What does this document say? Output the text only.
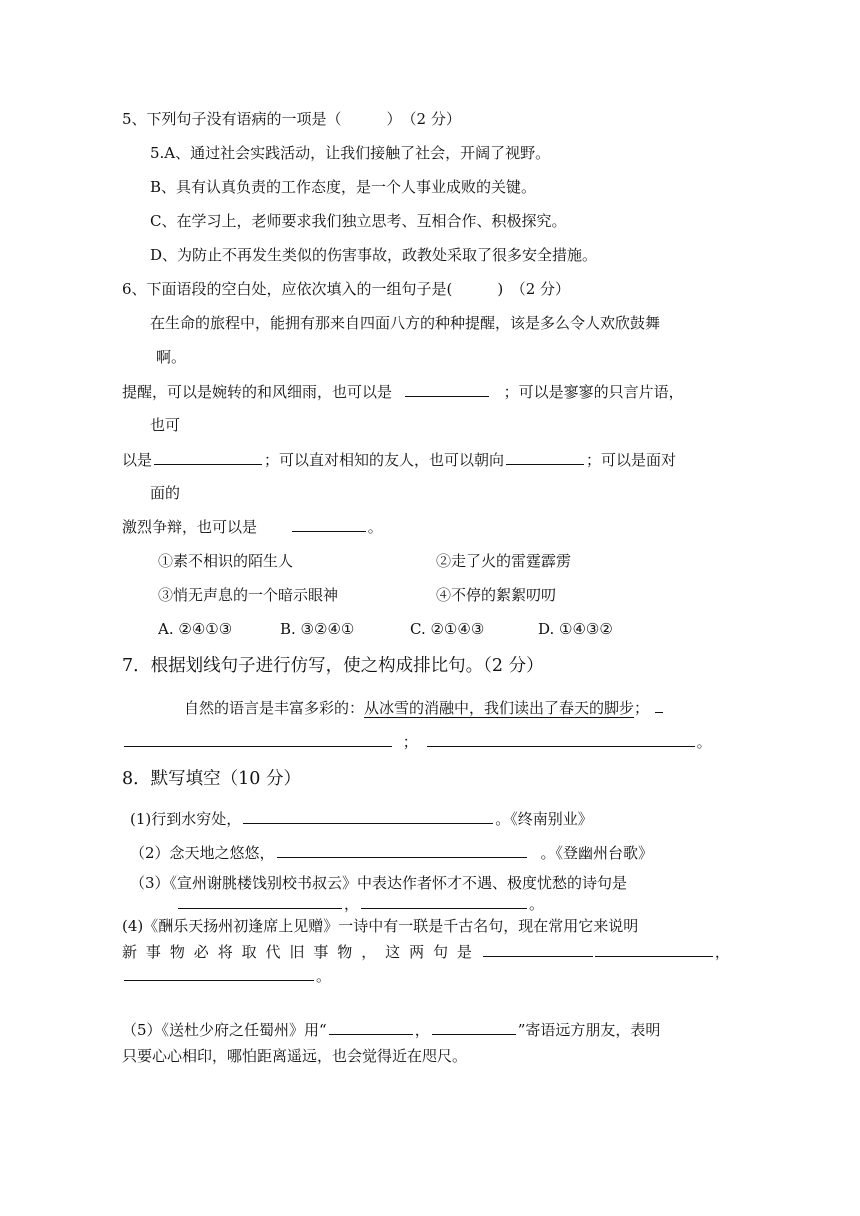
5、下列句子没有语病的一项是（　　　）　（2 分）
5.A、通过社会实践活动，让我们接触了社会，开阔了视野。
B、具有认真负责的工作态度，是一个人事业成败的关键。
C、在学习上，老师要求我们独立思考、互相合作、积极探究。
D、为防止不再发生类似的伤害事故，政教处采取了很多安全措施。
6、下面语段的空白处，应依次填入的一组句子是(　　　)　（2 分）
在生命的旅程中，能拥有那来自四面八方的种种提醒，该是多么令人欢欣鼓舞
啊。
提醒，可以是婉转的和风细雨，也可以是	；可以是寥寥的只言片语，
也可
以是	；可以直对相知的友人，也可以朝向	；可以是面对
面的
激烈争辩，也可以是	。
①素不相识的陌生人	②走了火的雷霆霹雳
③悄无声息的一个暗示眼神	④不停的絮絮叨叨
A. ②④①③	B. ③②④①	C. ②①④③	D. ①④③②
7．根据划线句子进行仿写，使之构成排比句。（2 分）
自然的语言是丰富多彩的：从冰雪的消融中，我们读出了春天的脚步；
；	。
8．默写填空（10 分）
(1)行到水穷处，	。《终南别业》
（2）念天地之悠悠，	。《登幽州台歌》
（3）《宣州谢朓楼饯别校书叔云》中表达作者怀才不遇、极度忧愁的诗句是
，	。
(4)《酬乐天扬州初逢席上见赠》一诗中有一联是千古名句，现在常用它来说明
新 事 物 必 将 取 代 旧 事 物 ， 这 两 句 是	，
。
（5）《送杜少府之任蜀州》用“	，	”寄语远方朋友，表明
只要心心相印，哪怕距离遥远，也会觉得近在咫尺。
